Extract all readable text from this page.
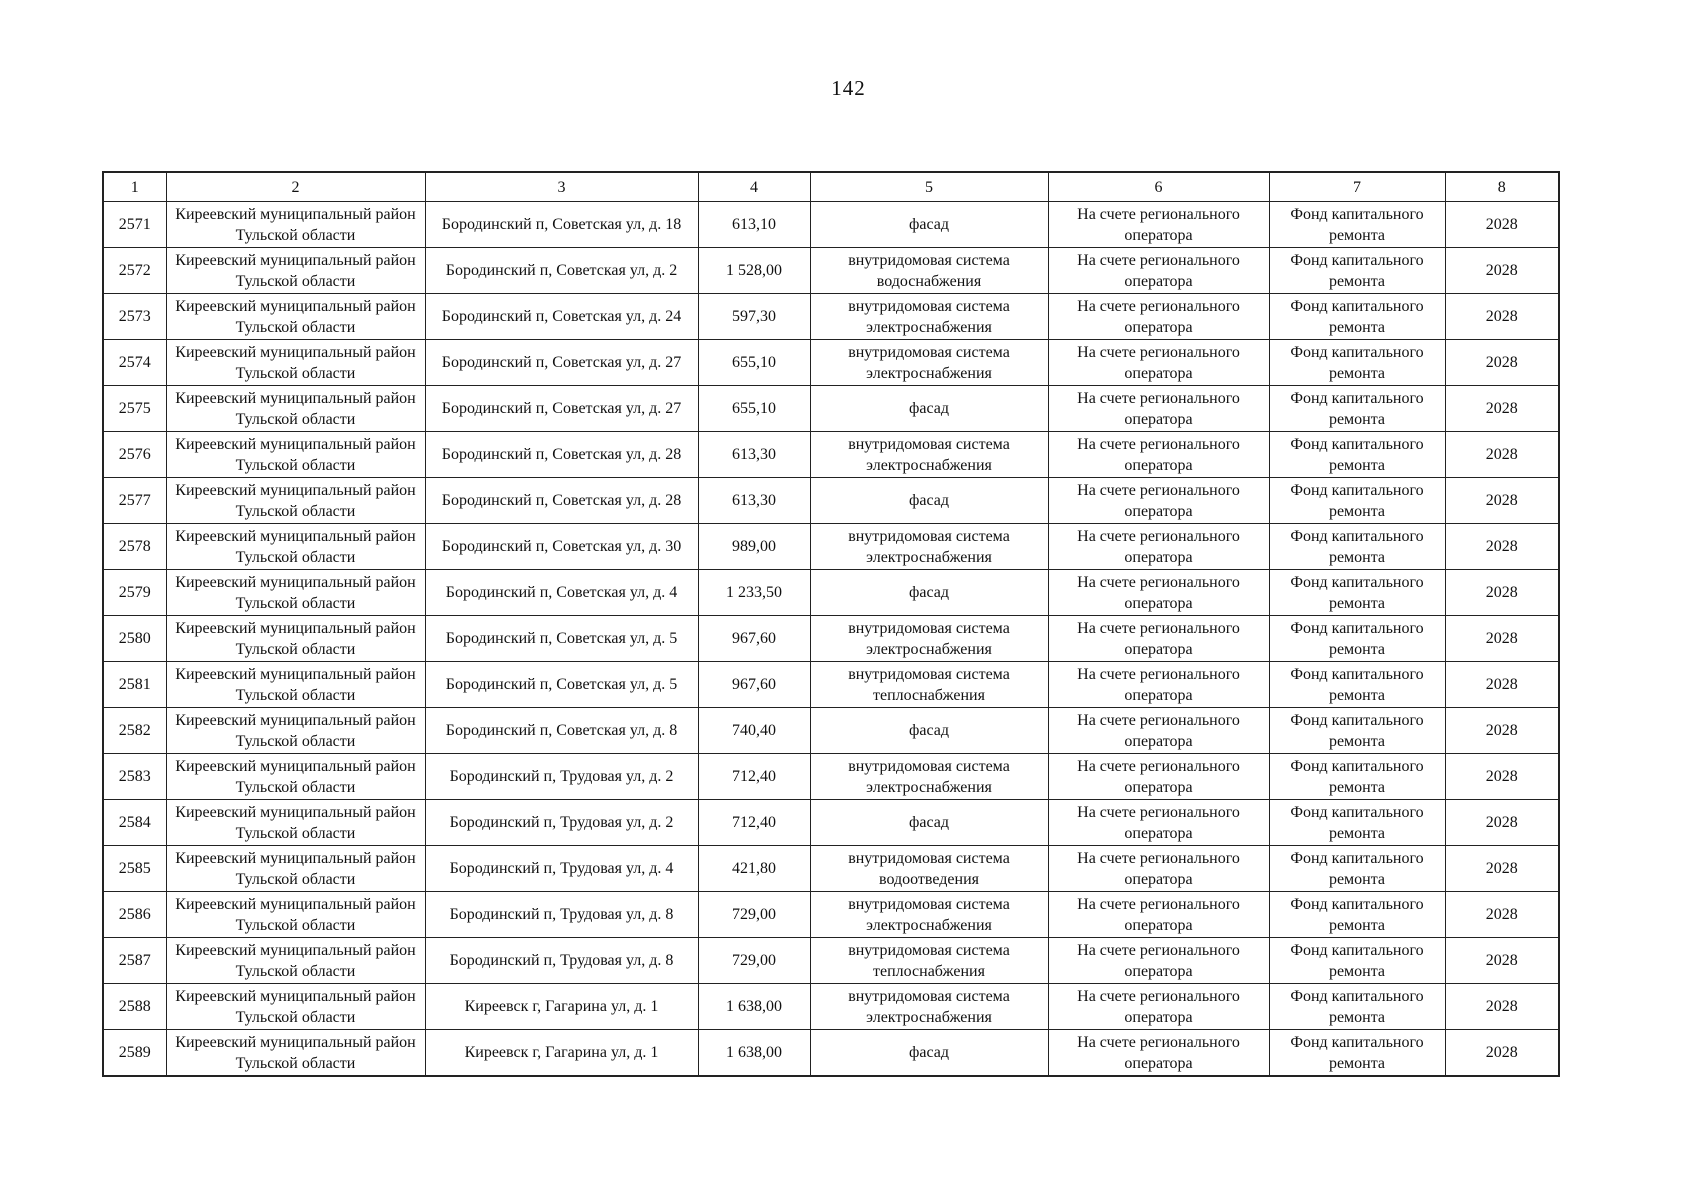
142
1	2	3	4	5	6	7	8
2571	Киреевский муниципальный район Тульской области	Бородинский п, Советская ул, д. 18	613,10	фасад	На счете регионального оператора	Фонд капитального ремонта	2028
2572	Киреевский муниципальный район Тульской области	Бородинский п, Советская ул, д. 2	1 528,00	внутридомовая система водоснабжения	На счете регионального оператора	Фонд капитального ремонта	2028
2573	Киреевский муниципальный район Тульской области	Бородинский п, Советская ул, д. 24	597,30	внутридомовая система электроснабжения	На счете регионального оператора	Фонд капитального ремонта	2028
2574	Киреевский муниципальный район Тульской области	Бородинский п, Советская ул, д. 27	655,10	внутридомовая система электроснабжения	На счете регионального оператора	Фонд капитального ремонта	2028
2575	Киреевский муниципальный район Тульской области	Бородинский п, Советская ул, д. 27	655,10	фасад	На счете регионального оператора	Фонд капитального ремонта	2028
2576	Киреевский муниципальный район Тульской области	Бородинский п, Советская ул, д. 28	613,30	внутридомовая система электроснабжения	На счете регионального оператора	Фонд капитального ремонта	2028
2577	Киреевский муниципальный район Тульской области	Бородинский п, Советская ул, д. 28	613,30	фасад	На счете регионального оператора	Фонд капитального ремонта	2028
2578	Киреевский муниципальный район Тульской области	Бородинский п, Советская ул, д. 30	989,00	внутридомовая система электроснабжения	На счете регионального оператора	Фонд капитального ремонта	2028
2579	Киреевский муниципальный район Тульской области	Бородинский п, Советская ул, д. 4	1 233,50	фасад	На счете регионального оператора	Фонд капитального ремонта	2028
2580	Киреевский муниципальный район Тульской области	Бородинский п, Советская ул, д. 5	967,60	внутридомовая система электроснабжения	На счете регионального оператора	Фонд капитального ремонта	2028
2581	Киреевский муниципальный район Тульской области	Бородинский п, Советская ул, д. 5	967,60	внутридомовая система теплоснабжения	На счете регионального оператора	Фонд капитального ремонта	2028
2582	Киреевский муниципальный район Тульской области	Бородинский п, Советская ул, д. 8	740,40	фасад	На счете регионального оператора	Фонд капитального ремонта	2028
2583	Киреевский муниципальный район Тульской области	Бородинский п, Трудовая ул, д. 2	712,40	внутридомовая система электроснабжения	На счете регионального оператора	Фонд капитального ремонта	2028
2584	Киреевский муниципальный район Тульской области	Бородинский п, Трудовая ул, д. 2	712,40	фасад	На счете регионального оператора	Фонд капитального ремонта	2028
2585	Киреевский муниципальный район Тульской области	Бородинский п, Трудовая ул, д. 4	421,80	внутридомовая система водоотведения	На счете регионального оператора	Фонд капитального ремонта	2028
2586	Киреевский муниципальный район Тульской области	Бородинский п, Трудовая ул, д. 8	729,00	внутридомовая система электроснабжения	На счете регионального оператора	Фонд капитального ремонта	2028
2587	Киреевский муниципальный район Тульской области	Бородинский п, Трудовая ул, д. 8	729,00	внутридомовая система теплоснабжения	На счете регионального оператора	Фонд капитального ремонта	2028
2588	Киреевский муниципальный район Тульской области	Киреевск г, Гагарина ул, д. 1	1 638,00	внутридомовая система электроснабжения	На счете регионального оператора	Фонд капитального ремонта	2028
2589	Киреевский муниципальный район Тульской области	Киреевск г, Гагарина ул, д. 1	1 638,00	фасад	На счете регионального оператора	Фонд капитального ремонта	2028
